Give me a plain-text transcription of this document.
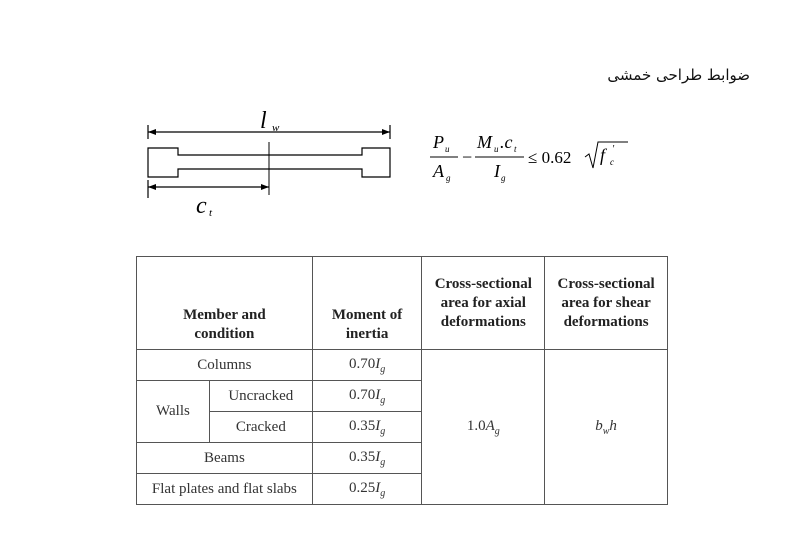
ضوابط طراحی خمشی
l w
c t
P u
A g
−
M u .c t
I g
≤ 0.62 f c
'
Member and condition		Moment of inertia	Cross-sectional area for axial deformations	Cross-sectional area for shear deformations
Columns		$0.70I_g$	$1.0A_g$	$b_wh$
Walls	Uncracked	$0.70I_g$
	Cracked	$0.35I_g$
Beams		$0.35I_g$
Flat plates and flat slabs		$0.25I_g$
